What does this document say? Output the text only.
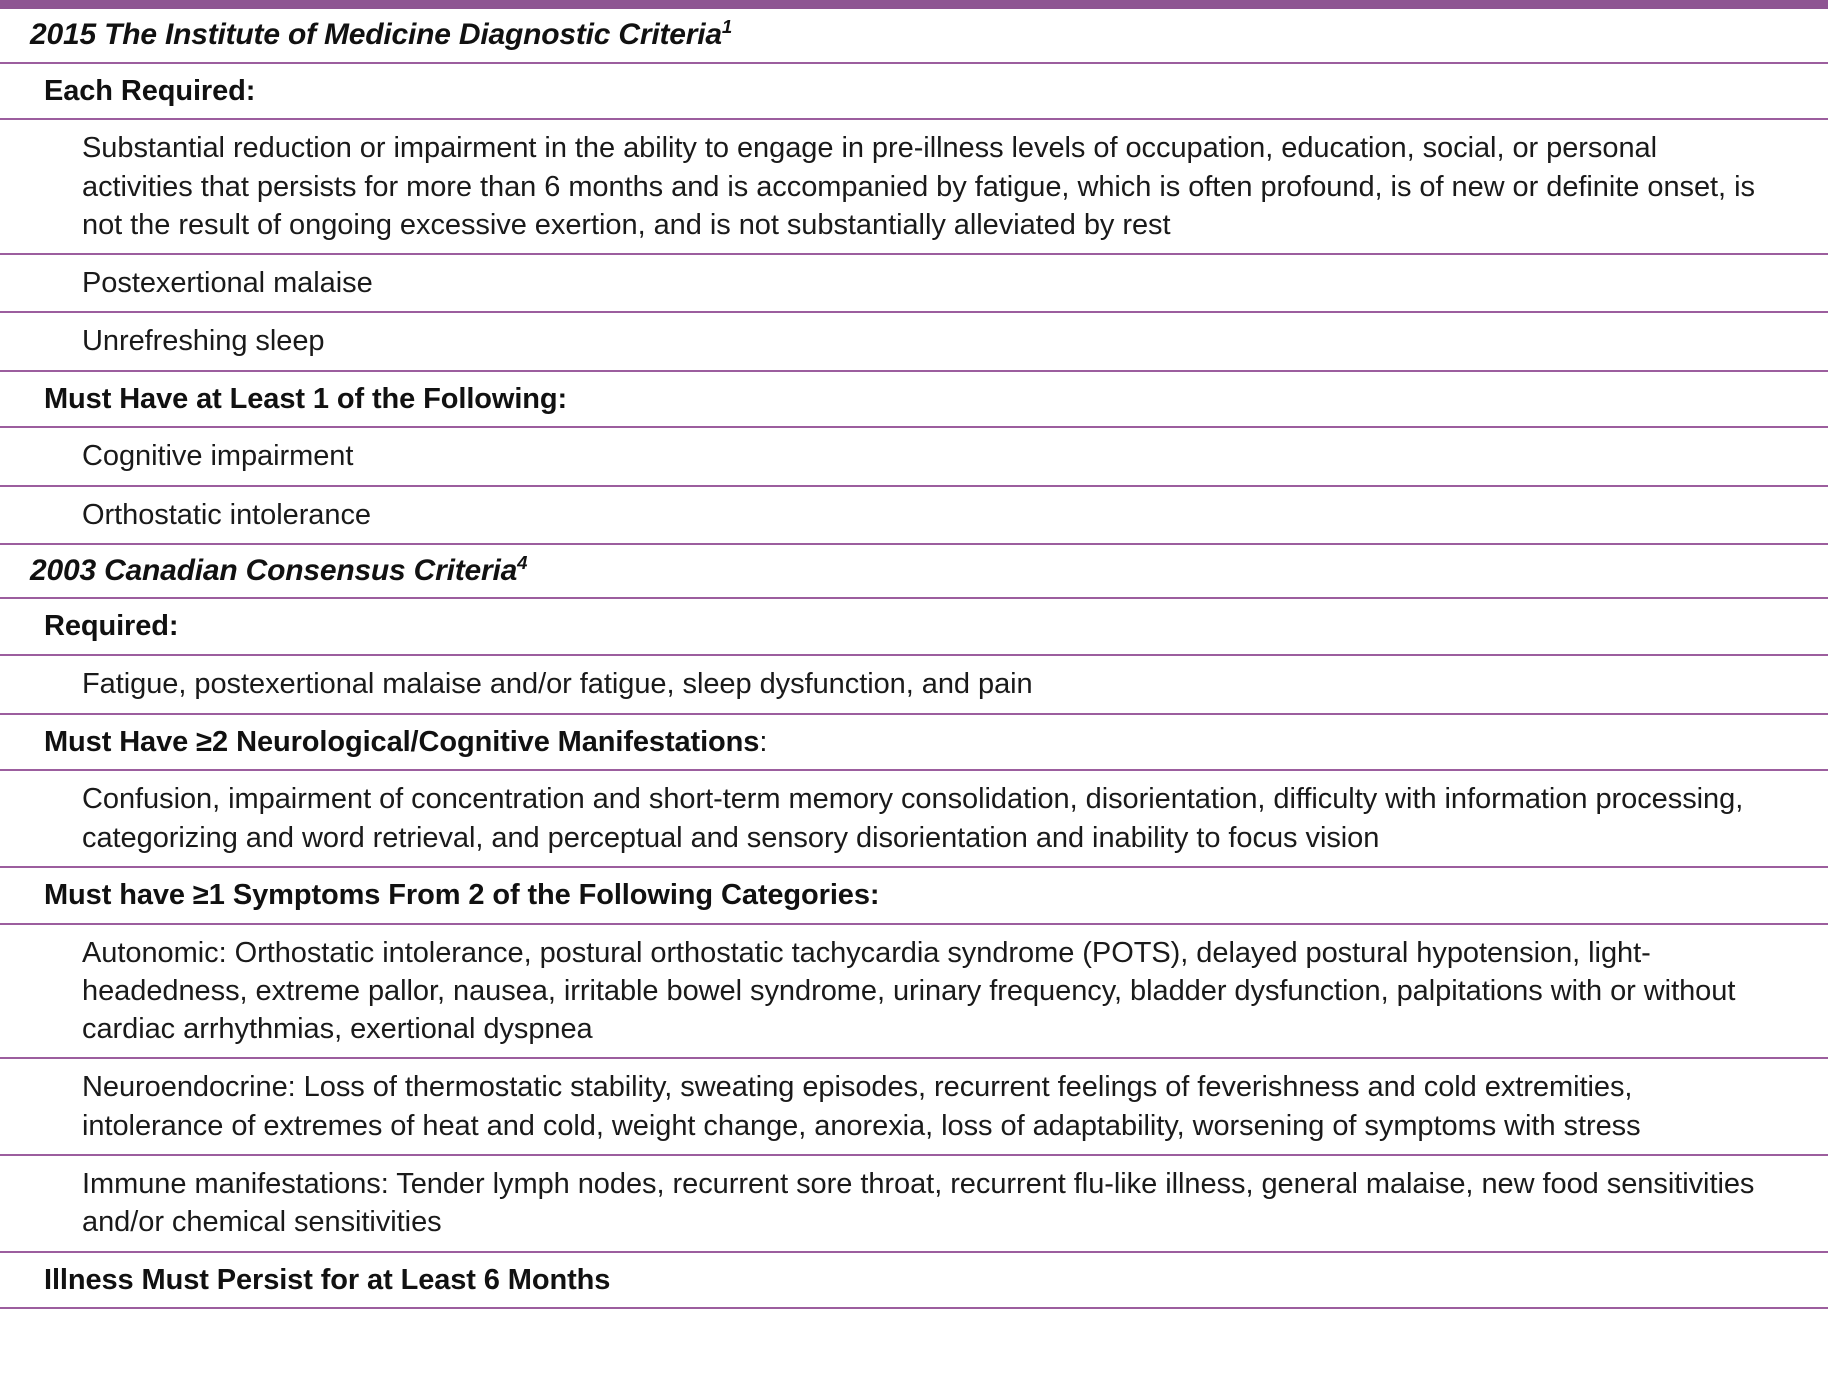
2015 The Institute of Medicine Diagnostic Criteria$^1$
Each Required:
Substantial reduction or impairment in the ability to engage in pre-illness levels of occupation, education, social, or personal activities that persists for more than 6 months and is accompanied by fatigue, which is often profound, is of new or definite onset, is not the result of ongoing excessive exertion, and is not substantially alleviated by rest
Postexertional malaise
Unrefreshing sleep
Must Have at Least 1 of the Following:
Cognitive impairment
Orthostatic intolerance
2003 Canadian Consensus Criteria$^4$
Required:
Fatigue, postexertional malaise and/or fatigue, sleep dysfunction, and pain
Must Have ≥2 Neurological/Cognitive Manifestations:
Confusion, impairment of concentration and short-term memory consolidation, disorientation, difficulty with information processing, categorizing and word retrieval, and perceptual and sensory disorientation and inability to focus vision
Must have ≥1 Symptoms From 2 of the Following Categories:
Autonomic: Orthostatic intolerance, postural orthostatic tachycardia syndrome (POTS), delayed postural hypotension, light-headedness, extreme pallor, nausea, irritable bowel syndrome, urinary frequency, bladder dysfunction, palpitations with or without cardiac arrhythmias, exertional dyspnea
Neuroendocrine: Loss of thermostatic stability, sweating episodes, recurrent feelings of feverishness and cold extremities, intolerance of extremes of heat and cold, weight change, anorexia, loss of adaptability, worsening of symptoms with stress
Immune manifestations: Tender lymph nodes, recurrent sore throat, recurrent flu-like illness, general malaise, new food sensitivities and/or chemical sensitivities
Illness Must Persist for at Least 6 Months
